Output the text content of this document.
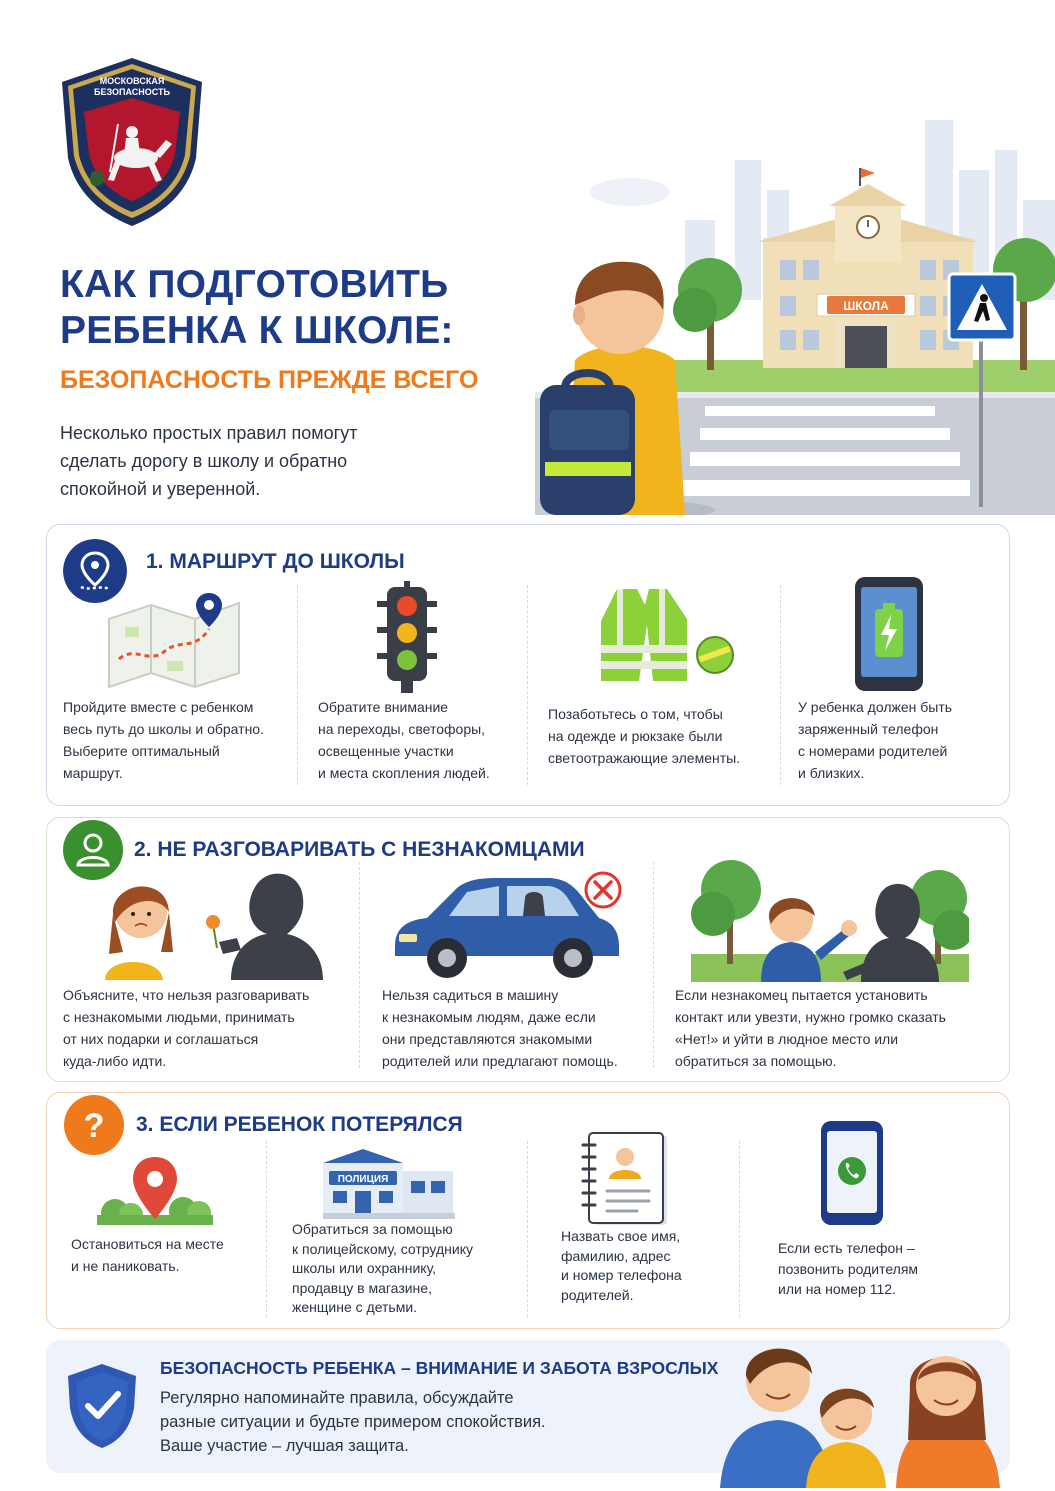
МОСКОВСКАЯ
БЕЗОПАСНОСТЬ
КАК ПОДГОТОВИТЬ
РЕБЕНКА К ШКОЛЕ:
БЕЗОПАСНОСТЬ ПРЕЖДЕ ВСЕГО
Несколько простых правил помогут
сделать дорогу в школу и обратно
спокойной и уверенной.
ШКОЛА
1. МАРШРУТ ДО ШКОЛЫ
Пройдите вместе с ребенком
весь путь до школы и обратно.
Выберите оптимальный
маршрут.
Обратите внимание
на переходы, светофоры,
освещенные участки
и места скопления людей.
Позаботьтесь о том, чтобы
на одежде и рюкзаке были
светоотражающие элементы.
У ребенка должен быть
заряженный телефон
с номерами родителей
и близких.
2. НЕ РАЗГОВАРИВАТЬ С НЕЗНАКОМЦАМИ
Объясните, что нельзя разговаривать
с незнакомыми людьми, принимать
от них подарки и соглашаться
куда-либо идти.
Нельзя садиться в машину
к незнакомым людям, даже если
они представляются знакомыми
родителей или предлагают помощь.
Если незнакомец пытается установить
контакт или увезти, нужно громко сказать
«Нет!» и уйти в людное место или
обратиться за помощью.
? 3. ЕСЛИ РЕБЕНОК ПОТЕРЯЛСЯ
Остановиться на месте
и не паниковать.
ПОЛИЦИЯ
Обратиться за помощью
к полицейскому, сотруднику
школы или охраннику,
продавцу в магазине,
женщине с детьми.
Назвать свое имя,
фамилию, адрес
и номер телефона
родителей.
Если есть телефон –
позвонить родителям
или на номер 112.
БЕЗОПАСНОСТЬ РЕБЕНКА – ВНИМАНИЕ И ЗАБОТА ВЗРОСЛЫХ
Регулярно напоминайте правила, обсуждайте
разные ситуации и будьте примером спокойствия.
Ваше участие – лучшая защита.
